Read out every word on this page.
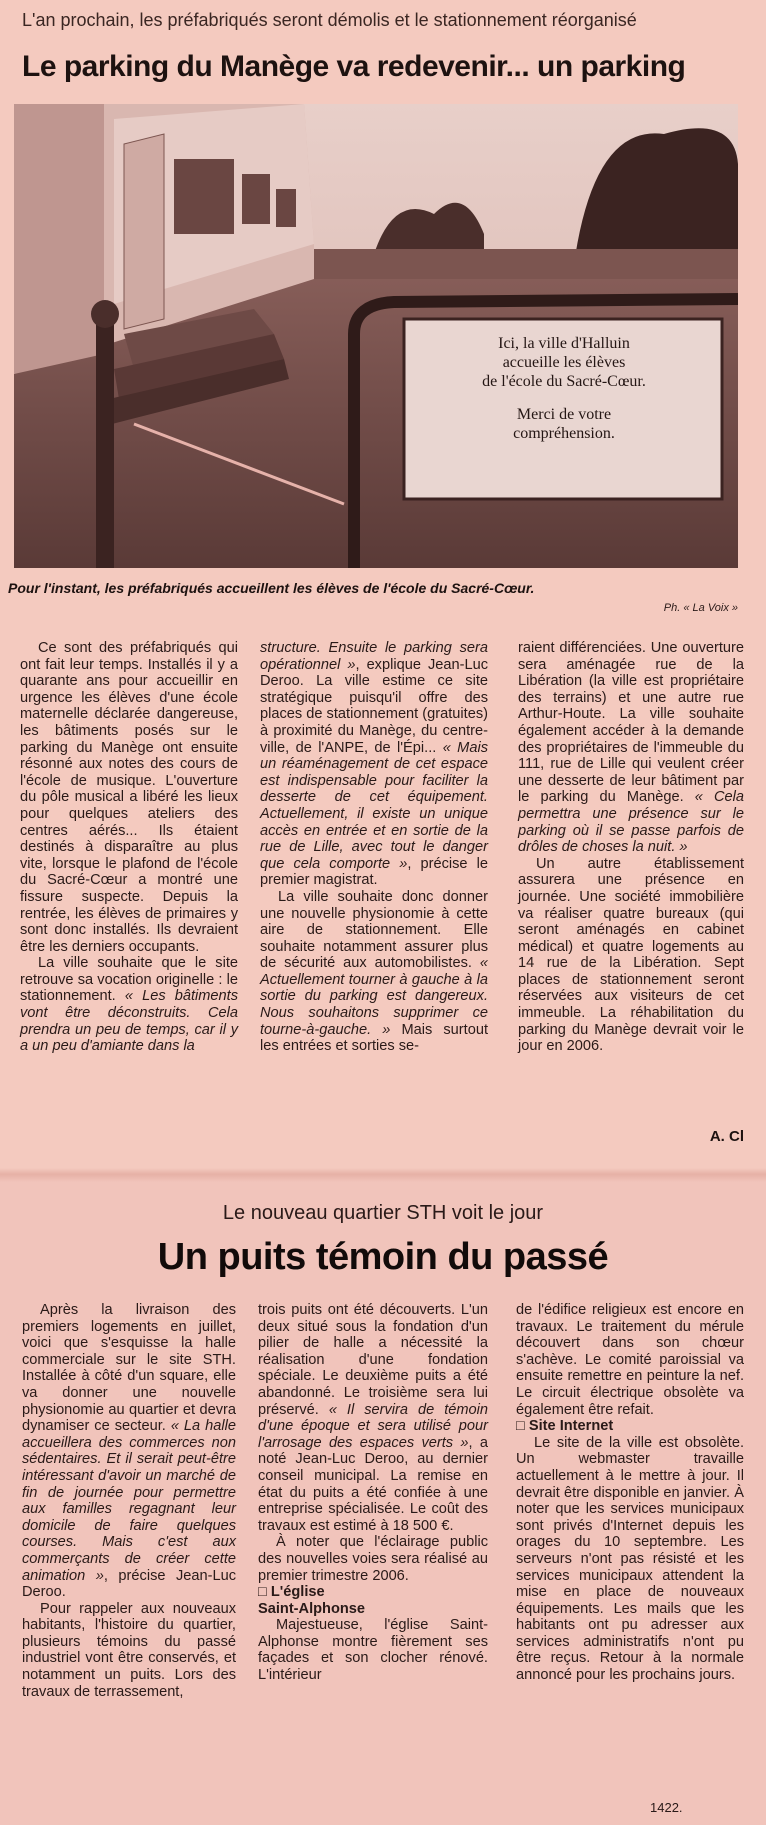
L'an prochain, les préfabriqués seront démolis et le stationnement réorganisé
Le parking du Manège va redevenir... un parking
Ici, la ville d'Halluin
accueille les élèves
de l'école du Sacré-Cœur.
Merci de votre
compréhension.
Pour l'instant, les préfabriqués accueillent les élèves de l'école du Sacré-Cœur.
Ph. « La Voix »

Ce sont des préfabriqués qui ont fait leur temps. Installés il y a quarante ans pour accueillir en urgence les élèves d'une école maternelle déclarée dangereuse, les bâtiments posés sur le parking du Manège ont ensuite résonné aux notes des cours de l'école de musique. L'ouverture du pôle musical a libéré les lieux pour quelques ateliers des centres aérés... Ils étaient destinés à disparaître au plus vite, lorsque le plafond de l'école du Sacré-Cœur a montré une fissure suspecte. Depuis la rentrée, les élèves de primaires y sont donc installés. Ils devraient être les derniers occupants.

La ville souhaite que le site retrouve sa vocation originelle : le stationnement. « Les bâtiments vont être déconstruits. Cela prendra un peu de temps, car il y a un peu d'amiante dans la

structure. Ensuite le parking sera opérationnel », explique Jean-Luc Deroo. La ville estime ce site stratégique puisqu'il offre des places de stationnement (gratuites) à proximité du Manège, du centre-ville, de l'ANPE, de l'Épi... « Mais un réaménagement de cet espace est indispensable pour faciliter la desserte de cet équipement. Actuellement, il existe un unique accès en entrée et en sortie de la rue de Lille, avec tout le danger que cela comporte », précise le premier magistrat.

La ville souhaite donc donner une nouvelle physionomie à cette aire de stationnement. Elle souhaite notamment assurer plus de sécurité aux automobilistes. « Actuellement tourner à gauche à la sortie du parking est dangereux. Nous souhaitons supprimer ce tourne-à-gauche. » Mais surtout les entrées et sorties se-

raient différenciées. Une ouverture sera aménagée rue de la Libération (la ville est propriétaire des terrains) et une autre rue Arthur-Houte. La ville souhaite également accéder à la demande des propriétaires de l'immeuble du 111, rue de Lille qui veulent créer une desserte de leur bâtiment par le parking du Manège. « Cela permettra une présence sur le parking où il se passe parfois de drôles de choses la nuit. »

Un autre établissement assurera une présence en journée. Une société immobilière va réaliser quatre bureaux (qui seront aménagés en cabinet médical) et quatre logements au 14 rue de la Libération. Sept places de stationnement seront réservées aux visiteurs de cet immeuble. La réhabilitation du parking du Manège devrait voir le jour en 2006.

A. Cl
Le nouveau quartier STH voit le jour
Un puits témoin du passé

Après la livraison des premiers logements en juillet, voici que s'esquisse la halle commerciale sur le site STH. Installée à côté d'un square, elle va donner une nouvelle physionomie au quartier et devra dynamiser ce secteur. « La halle accueillera des commerces non sédentaires. Et il serait peut-être intéressant d'avoir un marché de fin de journée pour permettre aux familles regagnant leur domicile de faire quelques courses. Mais c'est aux commerçants de créer cette animation », précise Jean-Luc Deroo.

Pour rappeler aux nouveaux habitants, l'histoire du quartier, plusieurs témoins du passé industriel vont être conservés, et notamment un puits. Lors des travaux de terrassement,

trois puits ont été découverts. L'un deux situé sous la fondation d'un pilier de halle a nécessité la réalisation d'une fondation spéciale. Le deuxième puits a été abandonné. Le troisième sera lui préservé. « Il servira de témoin d'une époque et sera utilisé pour l'arrosage des espaces verts », a noté Jean-Luc Deroo, au dernier conseil municipal. La remise en état du puits a été confiée à une entreprise spécialisée. Le coût des travaux est estimé à 18 500 €.

À noter que l'éclairage public des nouvelles voies sera réalisé au premier trimestre 2006.

□ L'église

Saint-Alphonse

Majestueuse, l'église Saint-Alphonse montre fièrement ses façades et son clocher rénové. L'intérieur

de l'édifice religieux est encore en travaux. Le traitement du mérule découvert dans son chœur s'achève. Le comité paroissial va ensuite remettre en peinture la nef. Le circuit électrique obsolète va également être refait.

□ Site Internet

Le site de la ville est obsolète. Un webmaster travaille actuellement à le mettre à jour. Il devrait être disponible en janvier. À noter que les services municipaux sont privés d'Internet depuis les orages du 10 septembre. Les serveurs n'ont pas résisté et les services municipaux attendent la mise en place de nouveaux équipements. Les mails que les habitants ont pu adresser aux services administratifs n'ont pu être reçus. Retour à la normale annoncé pour les prochains jours.

1422.
